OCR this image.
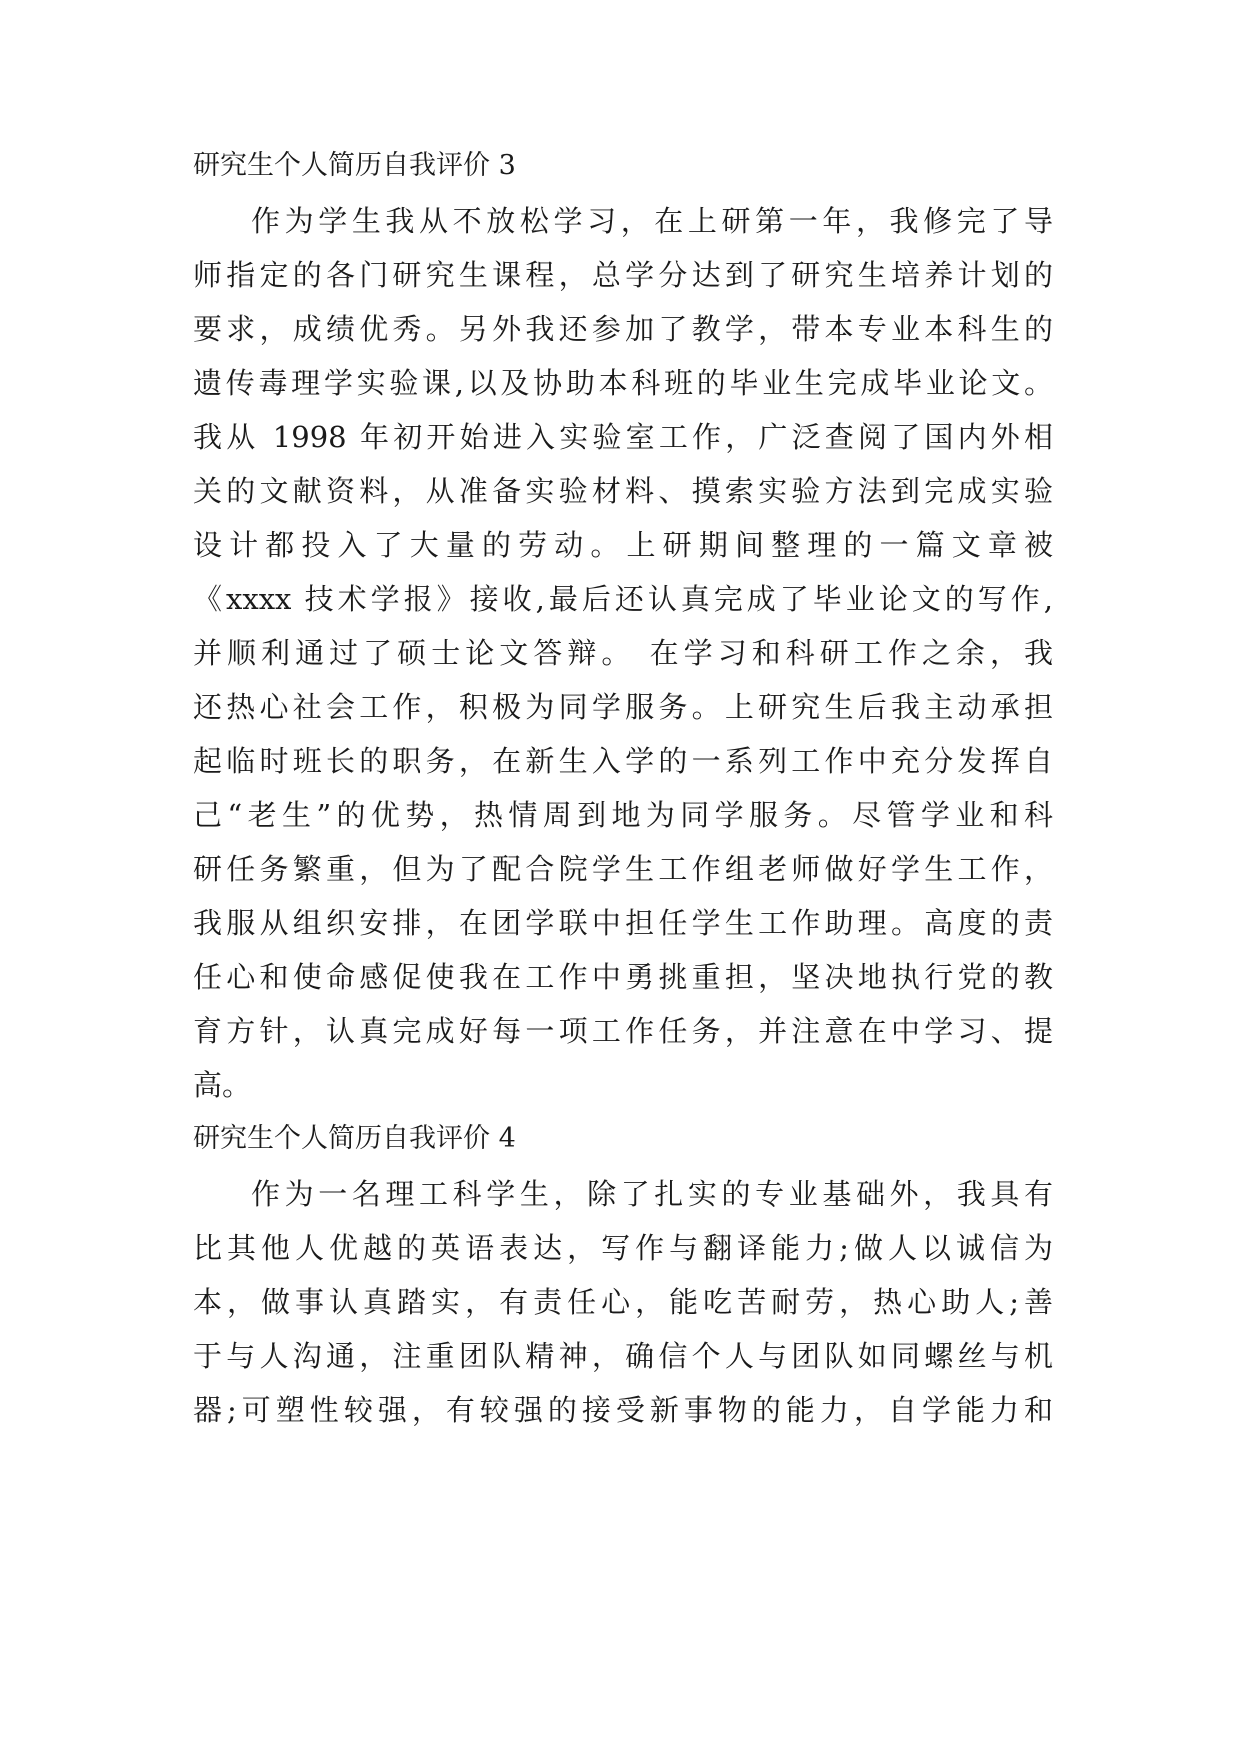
研究生个人简历自我评价 3
作为学生我从不放松学习，在上研第一年，我修完了导
师指定的各门研究生课程，总学分达到了研究生培养计划的
要求，成绩优秀。另外我还参加了教学，带本专业本科生的
遗传毒理学实验课,以及协助本科班的毕业生完成毕业论文。
我从 1998 年初开始进入实验室工作，广泛查阅了国内外相
关的文献资料，从准备实验材料、摸索实验方法到完成实验
设计都投入了大量的劳动。上研期间整理的一篇文章被
《xxxx 技术学报》接收,最后还认真完成了毕业论文的写作,
并顺利通过了硕士论文答辩。 在学习和科研工作之余，我
还热心社会工作，积极为同学服务。上研究生后我主动承担
起临时班长的职务，在新生入学的一系列工作中充分发挥自
己“老生”的优势，热情周到地为同学服务。尽管学业和科
研任务繁重，但为了配合院学生工作组老师做好学生工作，
我服从组织安排，在团学联中担任学生工作助理。高度的责
任心和使命感促使我在工作中勇挑重担，坚决地执行党的教
育方针，认真完成好每一项工作任务，并注意在中学习、提
高。
研究生个人简历自我评价 4
作为一名理工科学生，除了扎实的专业基础外，我具有
比其他人优越的英语表达，写作与翻译能力;做人以诚信为
本，做事认真踏实，有责任心，能吃苦耐劳，热心助人;善
于与人沟通，注重团队精神，确信个人与团队如同螺丝与机
器;可塑性较强，有较强的接受新事物的能力，自学能力和
